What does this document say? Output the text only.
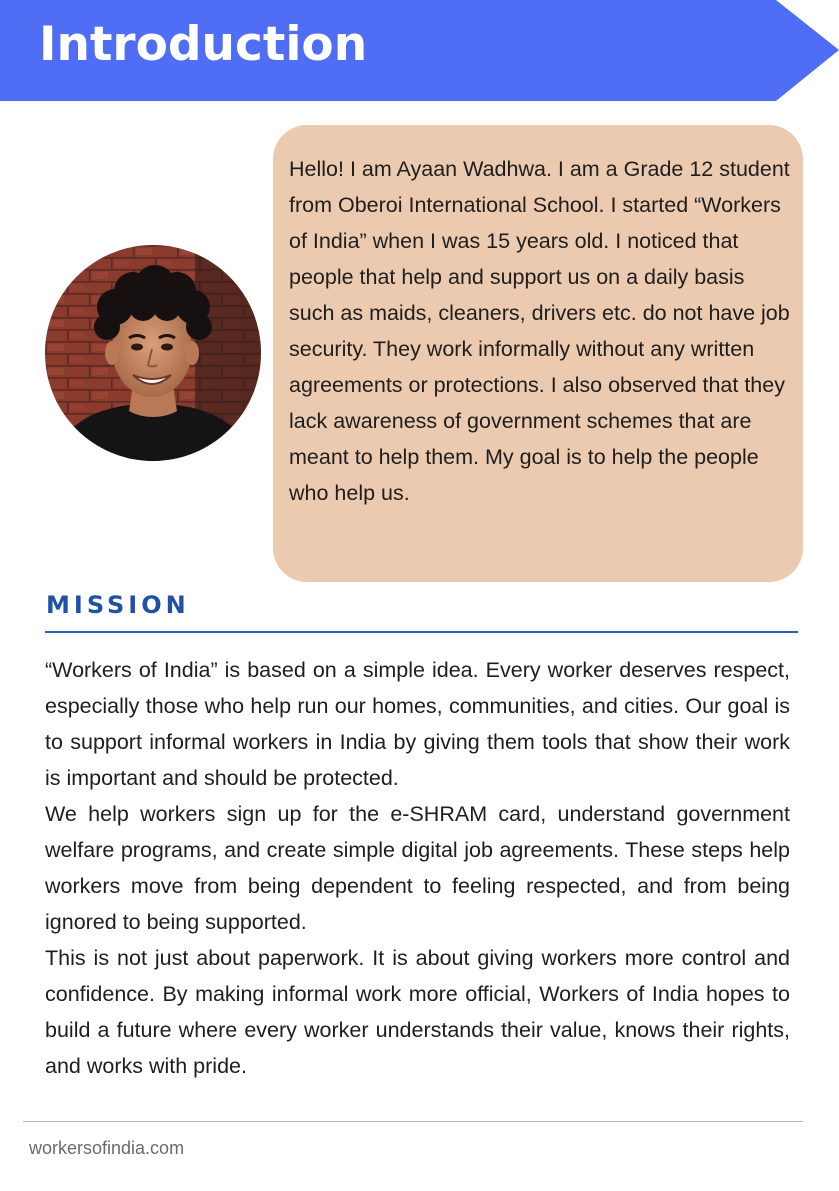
Introduction

Hello! I am Ayaan Wadhwa. I am a Grade 12 student from Oberoi International School. I started “Workers of India” when I was 15 years old. I noticed that people that help and support us on a daily basis such as maids, cleaners, drivers etc. do not have job security. They work informally without any written agreements or protections. I also observed that they lack awareness of government schemes that are meant to help them. My goal is to help the people who help us.

MISSION

“Workers of India” is based on a simple idea. Every worker deserves respect, especially those who help run our homes, communities, and cities. Our goal is to support informal workers in India by giving them tools that show their work is important and should be protected.

We help workers sign up for the e-SHRAM card, understand government welfare programs, and create simple digital job agreements. These steps help workers move from being dependent to feeling respected, and from being ignored to being supported.

This is not just about paperwork. It is about giving workers more control and confidence. By making informal work more official, Workers of India hopes to build a future where every worker understands their value, knows their rights, and works with pride.

workersofindia.com
